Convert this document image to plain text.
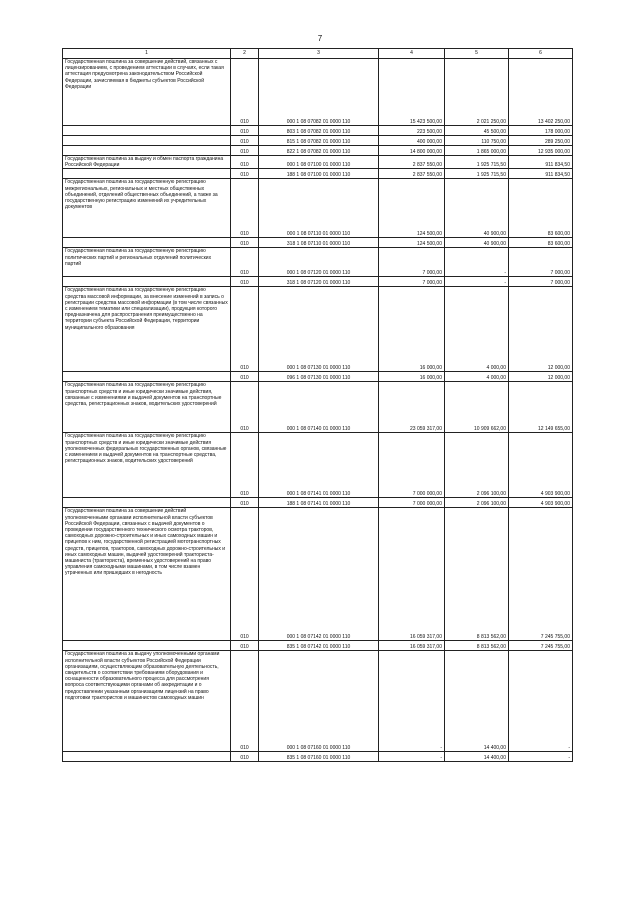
7
1	2	3	4	5	6
Государственная пошлина за совершение действий, связанных с лицензированием, с проведением аттестации в случаях, если такая аттестация предусмотрена законодательством Российской Федерации, зачисляемая в бюджеты субъектов Российской Федерации	010	000 1 08 07082 01 0000 110	15 423 500,00	2 021 250,00	13 402 250,00
	010	803 1 08 07082 01 0000 110	223 500,00	45 500,00	178 000,00
	010	815 1 08 07082 01 0000 110	400 000,00	110 750,00	289 250,00
	010	822 1 08 07082 01 0000 110	14 800 000,00	1 865 000,00	12 935 000,00
Государственная пошлина за выдачу и обмен паспорта гражданина Российской Федерации	010	000 1 08 07100 01 0000 110	2 837 550,00	1 925 715,50	911 834,50
	010	188 1 08 07100 01 0000 110	2 837 550,00	1 925 715,50	911 834,50
Государственная пошлина за государственную регистрацию межрегиональных, региональных и местных общественных объединений, отделений общественных объединений, а также за государственную регистрацию изменений их учредительных документов	010	000 1 08 07110 01 0000 110	124 500,00	40 900,00	83 600,00
	010	318 1 08 07110 01 0000 110	124 500,00	40 900,00	83 600,00
Государственная пошлина за государственную регистрацию политических партий и региональных отделений политических партий	010	000 1 08 07120 01 0000 110	7 000,00	-	7 000,00
	010	318 1 08 07120 01 0000 110	7 000,00	-	7 000,00
Государственная пошлина за государственную регистрацию средства массовой информации, за внесение изменений в запись о регистрации средства массовой информации (в том числе связанных с изменением тематики или специализации), продукция которого предназначена для распространения преимущественно на территории субъекта Российской Федерации, территории муниципального образования	010	000 1 08 07130 01 0000 110	16 000,00	4 000,00	12 000,00
	010	096 1 08 07130 01 0000 110	16 000,00	4 000,00	12 000,00
Государственная пошлина за государственную регистрацию транспортных средств и иные юридически значимые действия, связанные с изменениями и выдачей документов на транспортные средства, регистрационных знаков, водительских удостоверений	010	000 1 08 07140 01 0000 110	23 059 317,00	10 909 662,00	12 149 655,00
Государственная пошлина за государственную регистрацию транспортных средств и иные юридически значимые действия уполномоченных федеральных государственных органов, связанные с изменением и выдачей документов на транспортные средства, регистрационных знаков, водительских удостоверений	010	000 1 08 07141 01 0000 110	7 000 000,00	2 096 100,00	4 903 900,00
	010	188 1 08 07141 01 0000 110	7 000 000,00	2 096 100,00	4 903 900,00
Государственная пошлина за совершение действий уполномоченными органами исполнительной власти субъектов Российской Федерации, связанных с выдачей документов о проведении государственного технического осмотра тракторов, самоходных дорожно-строительных и иных самоходных машин и прицепов к ним, государственной регистрацией мототранспортных средств, прицепов, тракторов, самоходных дорожно-строительных и иных самоходных машин, выдачей удостоверений тракториста-машиниста (тракториста), временных удостоверений на право управления самоходными машинами, в том числе взамен утраченных или пришедших в негодность	010	000 1 08 07142 01 0000 110	16 059 317,00	8 813 562,00	7 245 755,00
	010	835 1 08 07142 01 0000 110	16 059 317,00	8 813 562,00	7 245 755,00
Государственная пошлина за выдачу уполномоченными органами исполнительной власти субъектов Российской Федерации организациям, осуществляющим образовательную деятельность, свидетельств о соответствии требованиям оборудования и оснащенности образовательного процесса для рассмотрения вопроса соответствующими органами об аккредитации и о предоставлении указанным организациям лицензий на право подготовки трактористов и машинистов самоходных машин	010	000 1 08 07160 01 0000 110	-	14 400,00	-
	010	835 1 08 07160 01 0000 110	-	14 400,00	-
